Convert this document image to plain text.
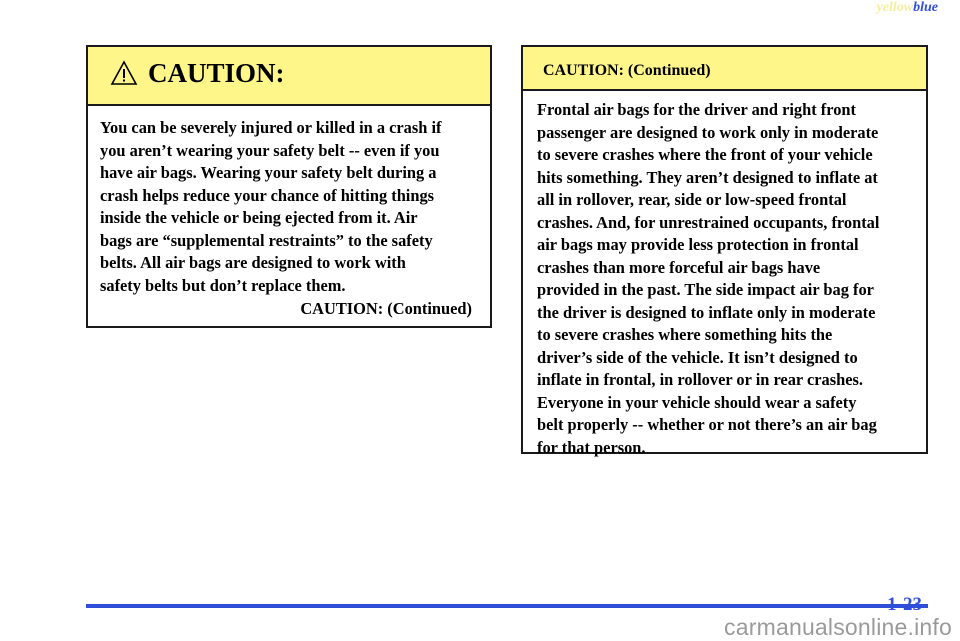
yellowblue
CAUTION:
You can be severely injured or killed in a crash if
you aren’t wearing your safety belt -- even if you
have air bags. Wearing your safety belt during a
crash helps reduce your chance of hitting things
inside the vehicle or being ejected from it. Air
bags are “supplemental restraints” to the safety
belts. All air bags are designed to work with
safety belts but don’t replace them.
CAUTION: (Continued)
CAUTION: (Continued)
Frontal air bags for the driver and right front
passenger are designed to work only in moderate
to severe crashes where the front of your vehicle
hits something. They aren’t designed to inflate at
all in rollover, rear, side or low-speed frontal
crashes. And, for unrestrained occupants, frontal
air bags may provide less protection in frontal
crashes than more forceful air bags have
provided in the past. The side impact air bag for
the driver is designed to inflate only in moderate
to severe crashes where something hits the
driver’s side of the vehicle. It isn’t designed to
inflate in frontal, in rollover or in rear crashes.
Everyone in your vehicle should wear a safety
belt properly -- whether or not there’s an air bag
for that person.
1-23
carmanualsonline.info
